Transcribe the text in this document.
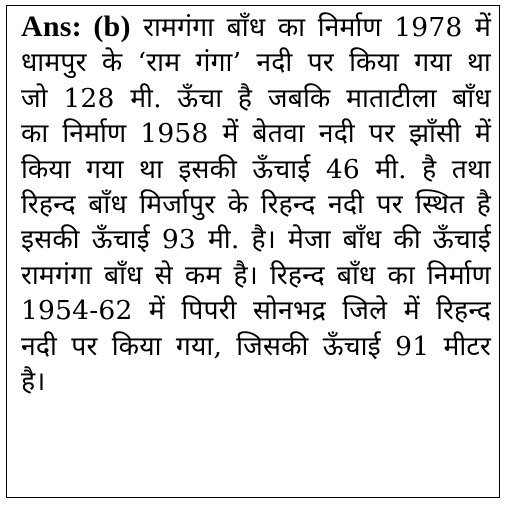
Ans: (b) रामगंगा बाँध का निर्माण 1978 में धामपुर के ‘राम गंगा’ नदी पर किया गया था जो 128 मी. ऊँचा है जबकि माताटीला बाँध का निर्माण 1958 में बेतवा नदी पर झाँसी में किया गया था इसकी ऊँचाई 46 मी. है तथा रिहन्द बाँध मिर्जापुर के रिहन्द नदी पर स्थित है इसकी ऊँचाई 93 मी. है। मेजा बाँध की ऊँचाई रामगंगा बाँध से कम है। रिहन्द बाँध का निर्माण 1954-62 में पिपरी सोनभद्र जिले में रिहन्द नदी पर किया गया, जिसकी ऊँचाई 91 मीटर है।
